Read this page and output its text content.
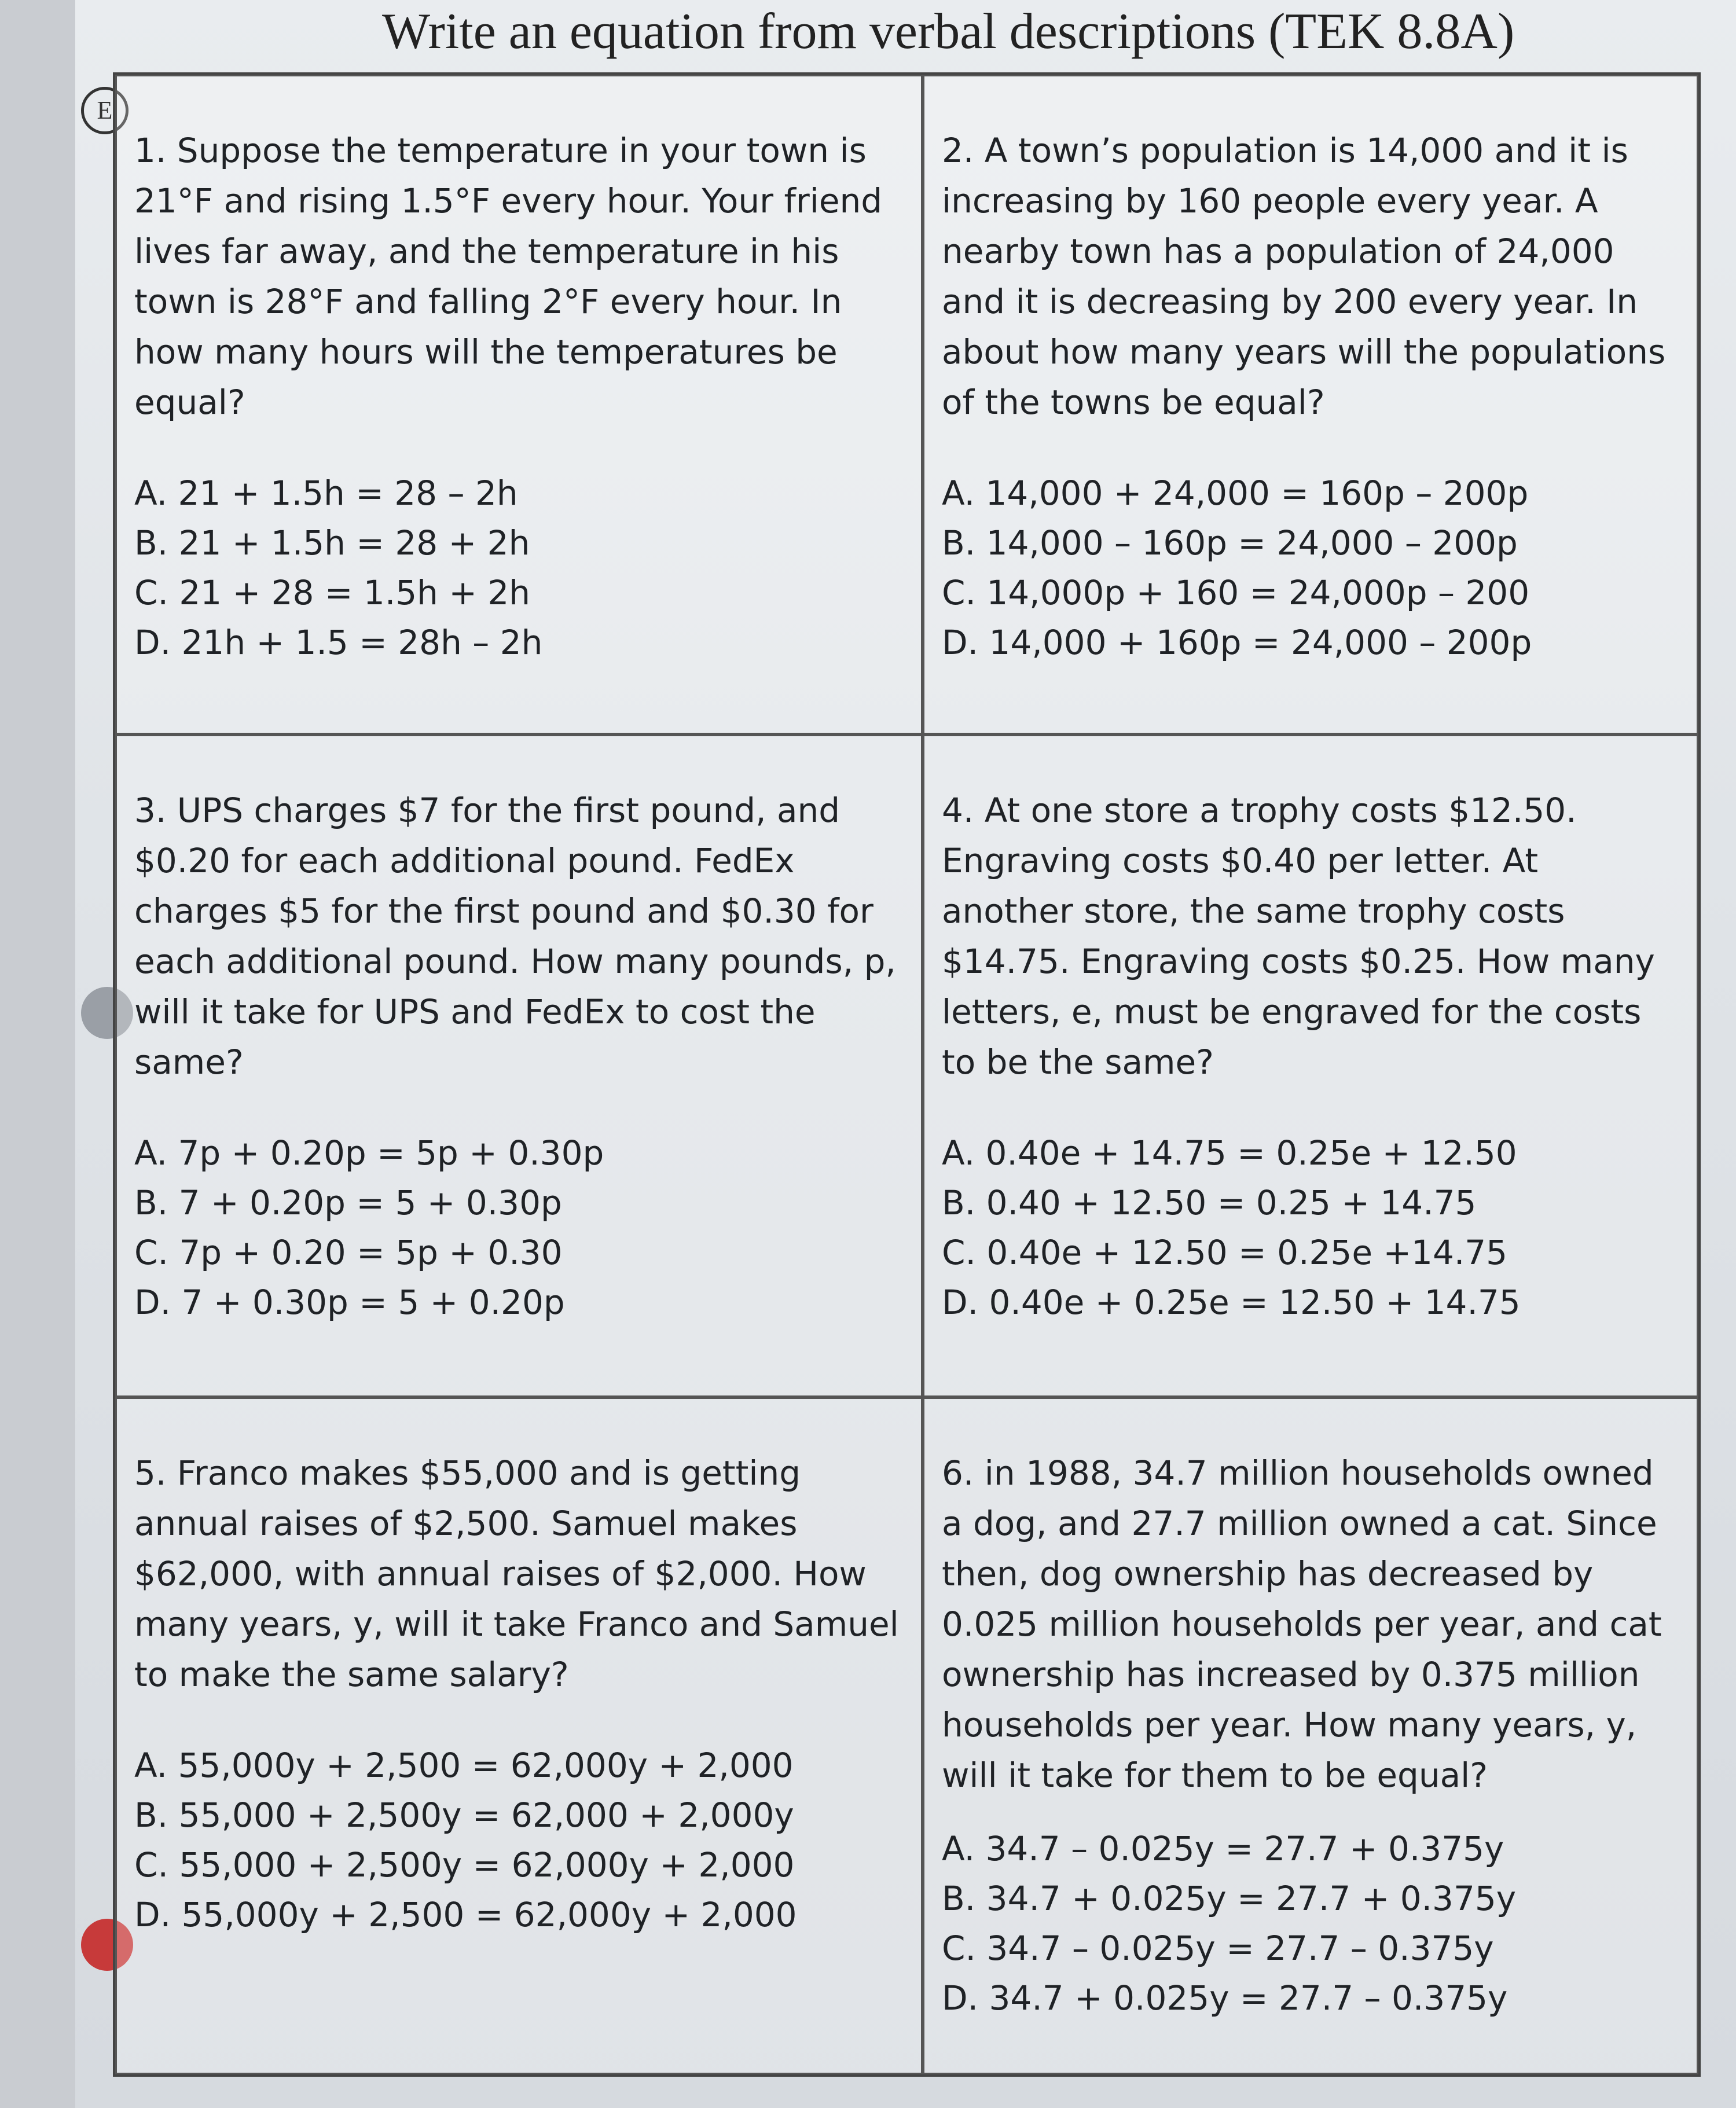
Write an equation from verbal descriptions (TEK 8.8A)
E

1. Suppose the temperature in your town is 21°F and rising 1.5°F every hour. Your friend lives far away, and the temperature in his town is 28°F and falling 2°F every hour. In how many hours will the temperatures be equal?

A. 21 + 1.5h = 28 – 2h
B. 21 + 1.5h = 28 + 2h
C. 21 + 28 = 1.5h + 2h
D. 21h + 1.5 = 28h – 2h

2. A town’s population is 14,000 and it is increasing by 160 people every year. A nearby town has a population of 24,000 and it is decreasing by 200 every year. In about how many years will the populations of the towns be equal?

A. 14,000 + 24,000 = 160p – 200p
B. 14,000 – 160p = 24,000 – 200p
C. 14,000p + 160 = 24,000p – 200
D. 14,000 + 160p = 24,000 – 200p

3. UPS charges $7 for the first pound, and $0.20 for each additional pound. FedEx charges $5 for the first pound and $0.30 for each additional pound. How many pounds, p, will it take for UPS and FedEx to cost the same?

A. 7p + 0.20p = 5p + 0.30p
B. 7 + 0.20p = 5 + 0.30p
C. 7p + 0.20 = 5p + 0.30
D. 7 + 0.30p = 5 + 0.20p

4. At one store a trophy costs $12.50. Engraving costs $0.40 per letter. At another store, the same trophy costs $14.75. Engraving costs $0.25. How many letters, e, must be engraved for the costs to be the same?

A. 0.40e + 14.75 = 0.25e + 12.50
B. 0.40 + 12.50 = 0.25 + 14.75
C. 0.40e + 12.50 = 0.25e +14.75
D. 0.40e + 0.25e = 12.50 + 14.75

5. Franco makes $55,000 and is getting annual raises of $2,500. Samuel makes $62,000, with annual raises of $2,000. How many years, y, will it take Franco and Samuel to make the same salary?

A. 55,000y + 2,500 = 62,000y + 2,000
B. 55,000 + 2,500y = 62,000 + 2,000y
C. 55,000 + 2,500y = 62,000y + 2,000
D. 55,000y + 2,500 = 62,000y + 2,000

6. in 1988, 34.7 million households owned a dog, and 27.7 million owned a cat. Since then, dog ownership has decreased by 0.025 million households per year, and cat ownership has increased by 0.375 million households per year. How many years, y, will it take for them to be equal?

A. 34.7 – 0.025y = 27.7 + 0.375y
B. 34.7 + 0.025y = 27.7 + 0.375y
C. 34.7 – 0.025y = 27.7 – 0.375y
D. 34.7 + 0.025y = 27.7 – 0.375y
